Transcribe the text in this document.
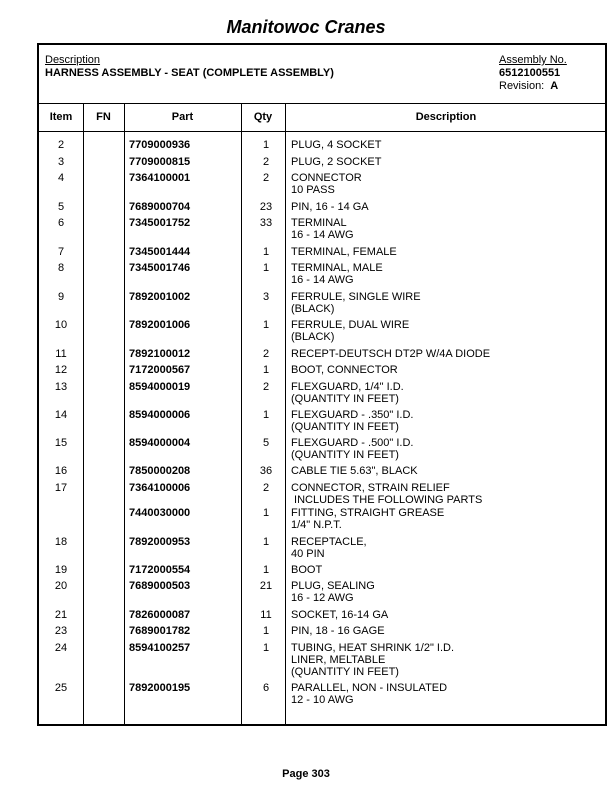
Manitowoc Cranes
Description
HARNESS ASSEMBLY - SEAT (COMPLETE ASSEMBLY)
Assembly No.
6512100551
Revision: A
Item	FN	Part	Qty	Description
2	7709000936	1	PLUG, 4 SOCKET
3	7709000815	2	PLUG, 2 SOCKET
4	7364100001	2	CONNECTOR
10 PASS
5	7689000704	23	PIN, 16 - 14 GA
6	7345001752	33	TERMINAL
16 - 14 AWG
7	7345001444	1	TERMINAL, FEMALE
8	7345001746	1	TERMINAL, MALE
16 - 14 AWG
9	7892001002	3	FERRULE, SINGLE WIRE
(BLACK)
10	7892001006	1	FERRULE, DUAL WIRE
(BLACK)
11	7892100012	2	RECEPT-DEUTSCH DT2P W/4A DIODE
12	7172000567	1	BOOT, CONNECTOR
13	8594000019	2	FLEXGUARD, 1/4" I.D.
(QUANTITY IN FEET)
14	8594000006	1	FLEXGUARD - .350" I.D.
(QUANTITY IN FEET)
15	8594000004	5	FLEXGUARD - .500" I.D.
(QUANTITY IN FEET)
16	7850000208	36	CABLE TIE 5.63", BLACK
17	7364100006	2	CONNECTOR, STRAIN RELIEF
INCLUDES THE FOLLOWING PARTS
7440030000	1	FITTING, STRAIGHT GREASE
1/4" N.P.T.
18	7892000953	1	RECEPTACLE,
40 PIN
19	7172000554	1	BOOT
20	7689000503	21	PLUG, SEALING
16 - 12 AWG
21	7826000087	11	SOCKET, 16-14 GA
23	7689001782	1	PIN, 18 - 16 GAGE
24	8594100257	1	TUBING, HEAT SHRINK 1/2" I.D.
LINER, MELTABLE
(QUANTITY IN FEET)
25	7892000195	6	PARALLEL, NON - INSULATED
12 - 10 AWG
Page 303
